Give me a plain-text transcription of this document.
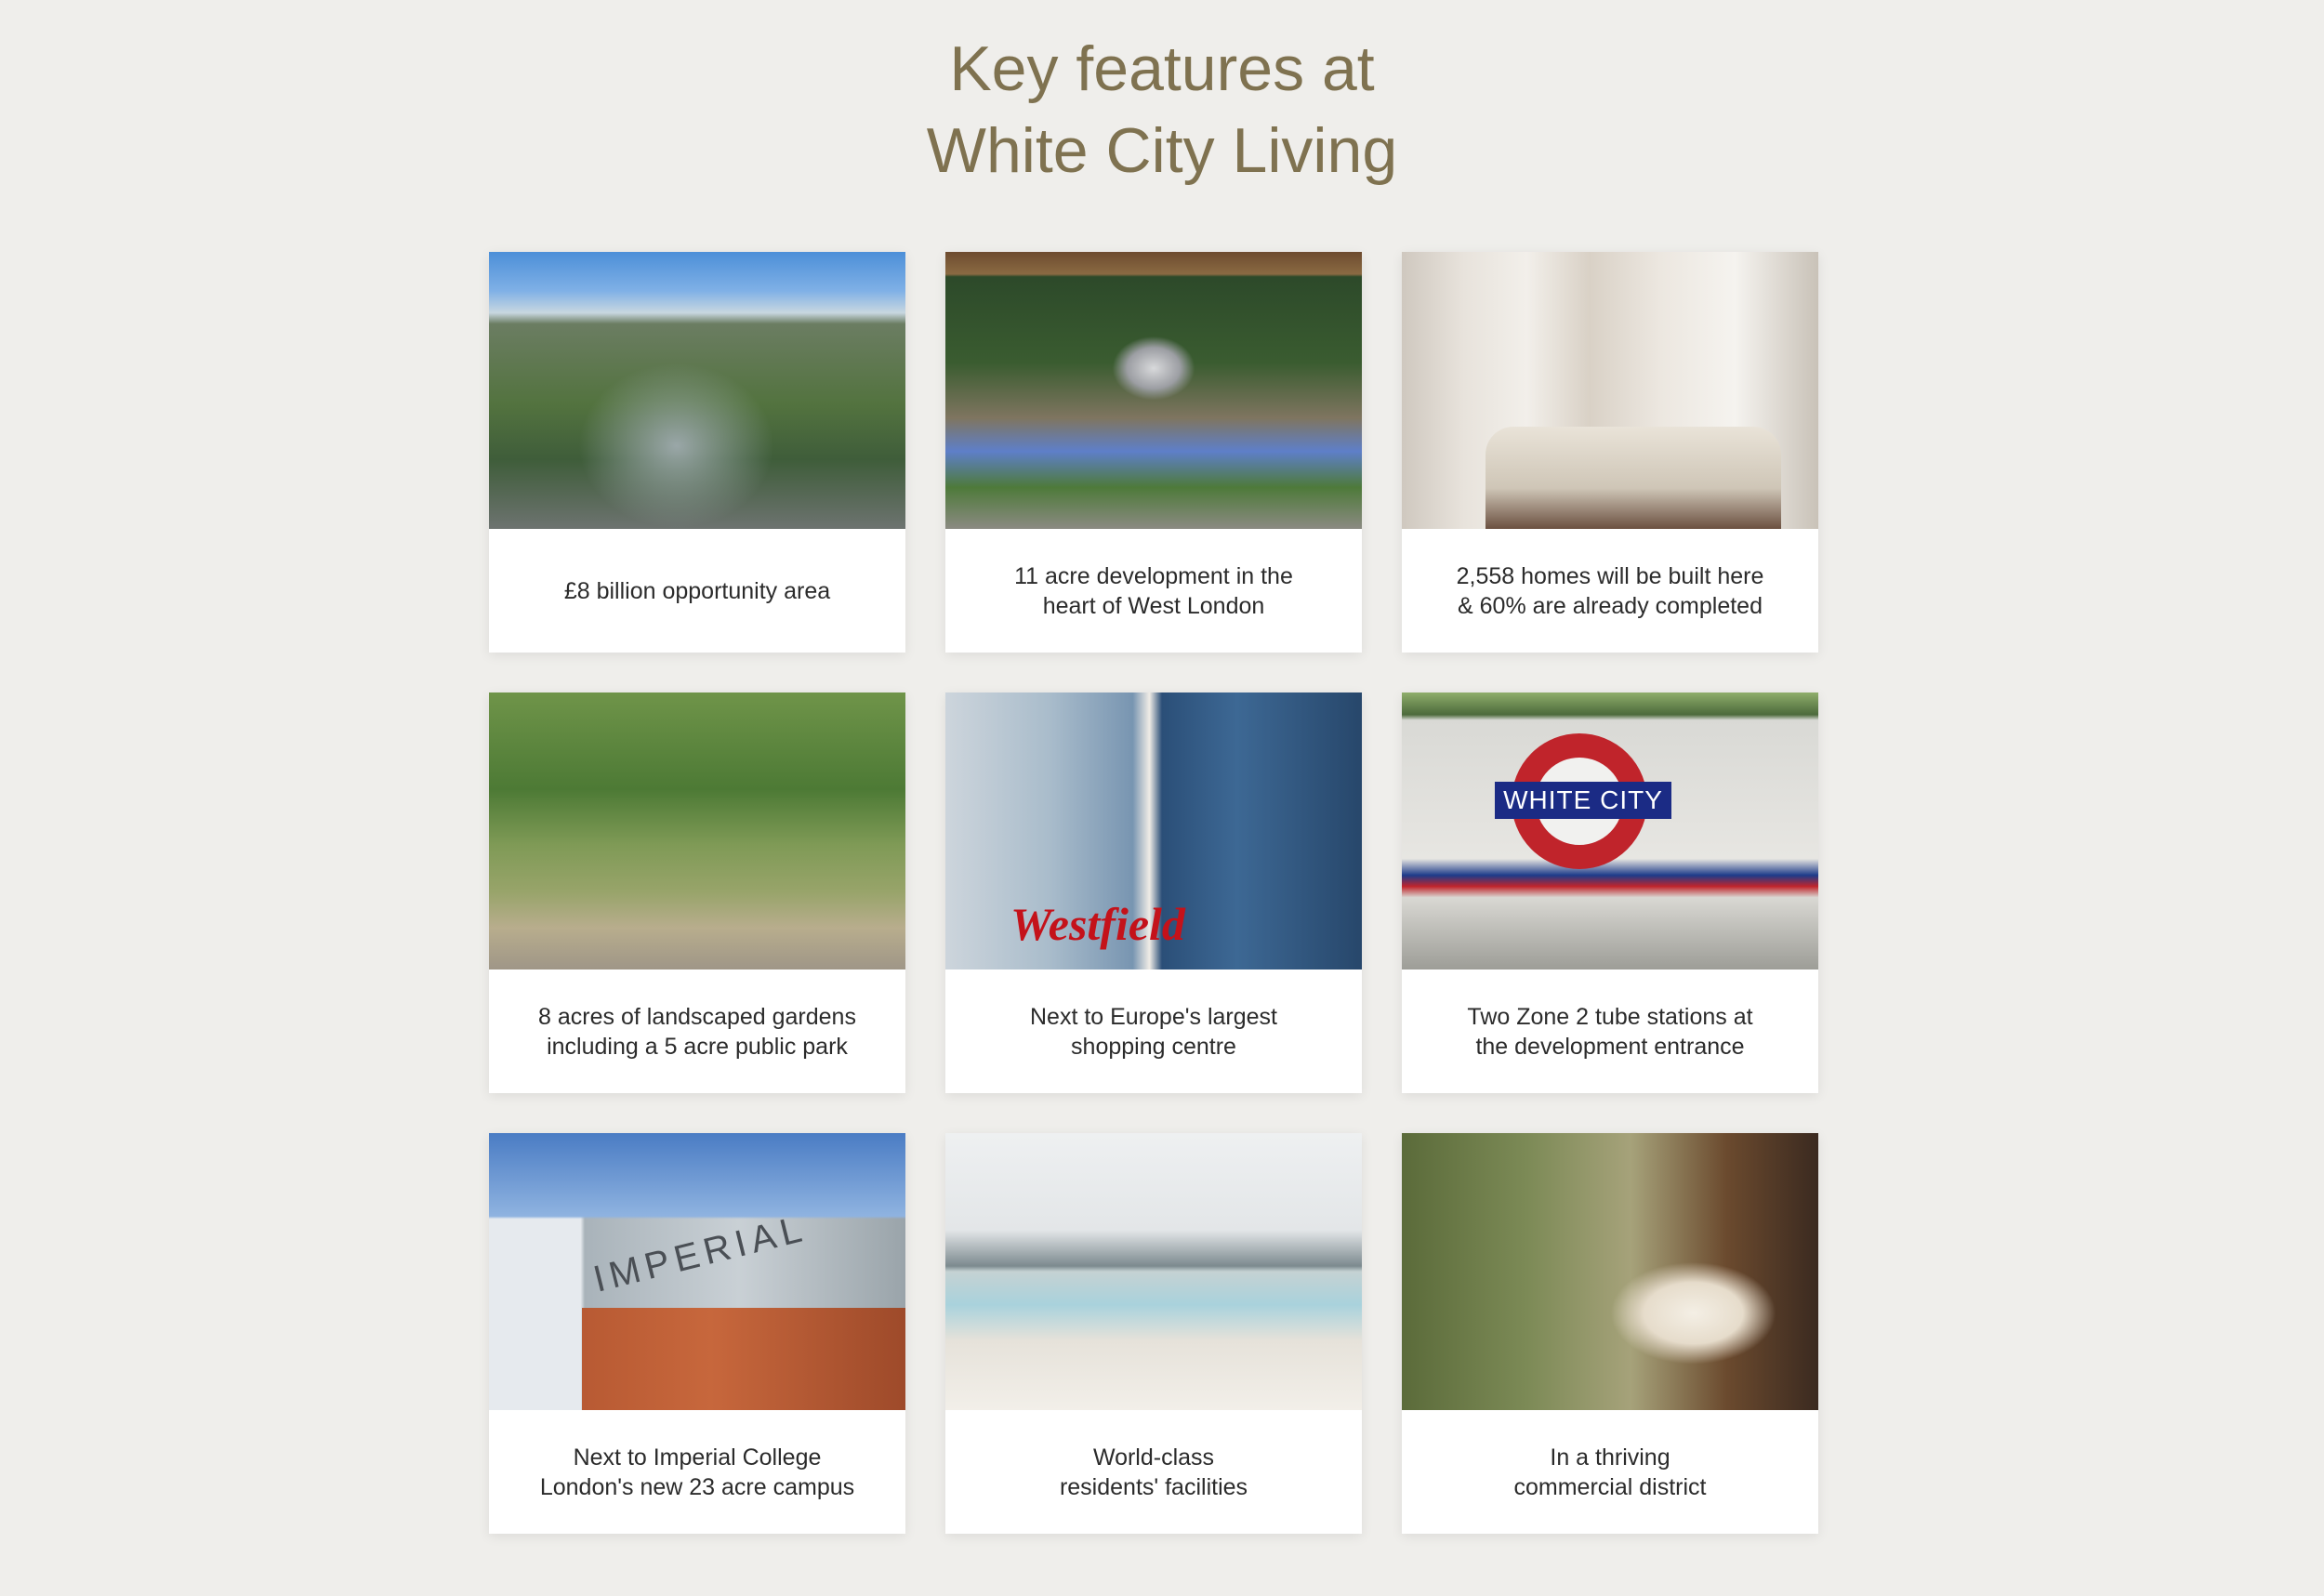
Key features at
White City Living
£8 billion opportunity area
11 acre development in the
heart of West London
2,558 homes will be built here
& 60% are already completed
8 acres of landscaped gardens
including a 5 acre public park
Westfield
Next to Europe's largest
shopping centre
WHITE CITY
Two Zone 2 tube stations at
the development entrance
IMPERIAL
Next to Imperial College
London's new 23 acre campus
World-class
residents' facilities
In a thriving
commercial district
